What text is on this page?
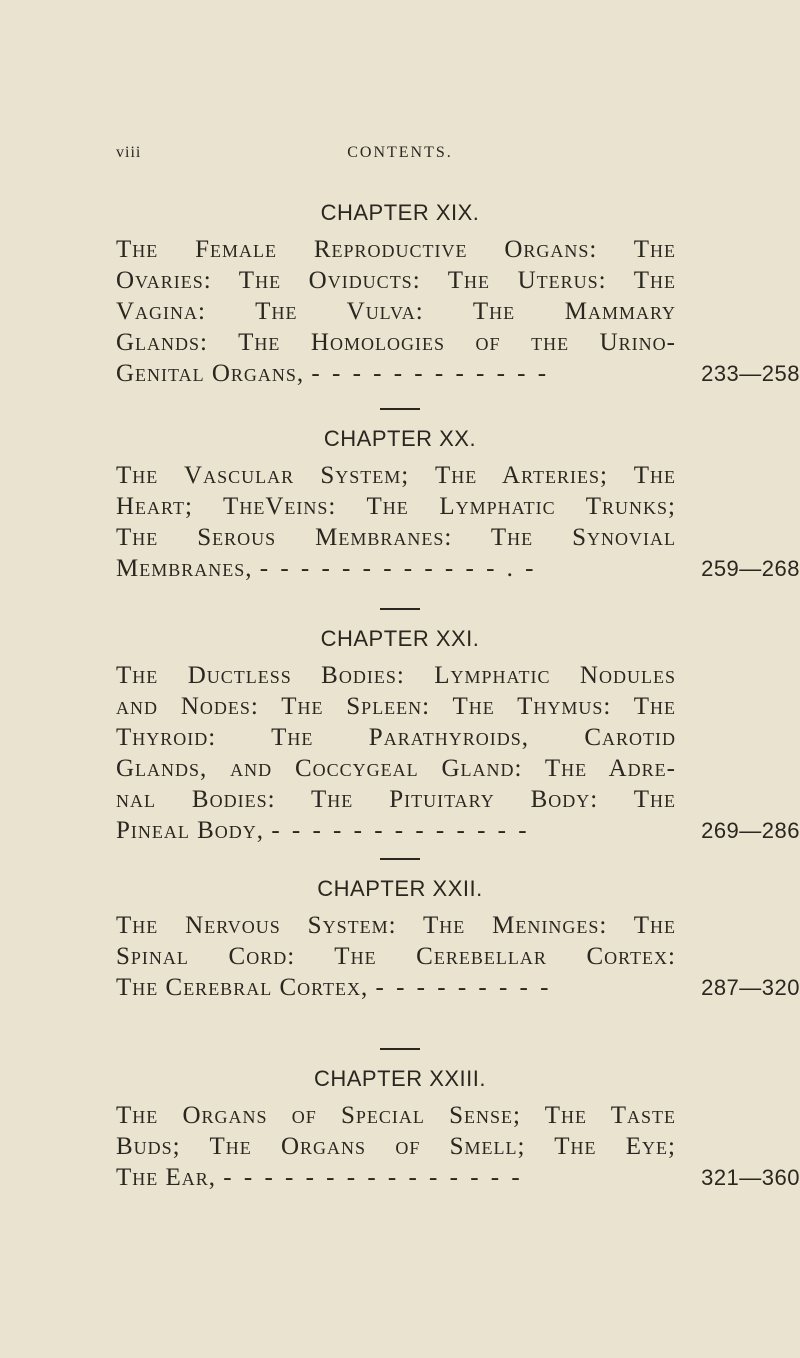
viii	CONTENTS.
CHAPTER XIX.
The Female Reproductive Organs: The
Ovaries: The Oviducts: The Uterus: The
Vagina: The Vulva: The Mammary
Glands: The Homologies of the Urino-
Genital Organs, - - - - - - - - - - - -	233—258
CHAPTER XX.
The Vascular System; The Arteries; The
Heart; TheVeins: The Lymphatic Trunks;
The Serous Membranes: The Synovial
Membranes, - - - - - - - - - - - - . -	259—268
CHAPTER XXI.
The Ductless Bodies: Lymphatic Nodules
and Nodes: The Spleen: The Thymus: The
Thyroid: The Parathyroids, Carotid
Glands, and Coccygeal Gland: The Adre-
nal Bodies: The Pituitary Body: The
Pineal Body, - - - - - - - - - - - - -	269—286
CHAPTER XXII.
The Nervous System: The Meninges: The
Spinal Cord: The Cerebellar Cortex:
The Cerebral Cortex, - - - - - - - - -	287—320
CHAPTER XXIII.
The Organs of Special Sense; The Taste
Buds; The Organs of Smell; The Eye;
The Ear, - - - - - - - - - - - - - - -	321—360
